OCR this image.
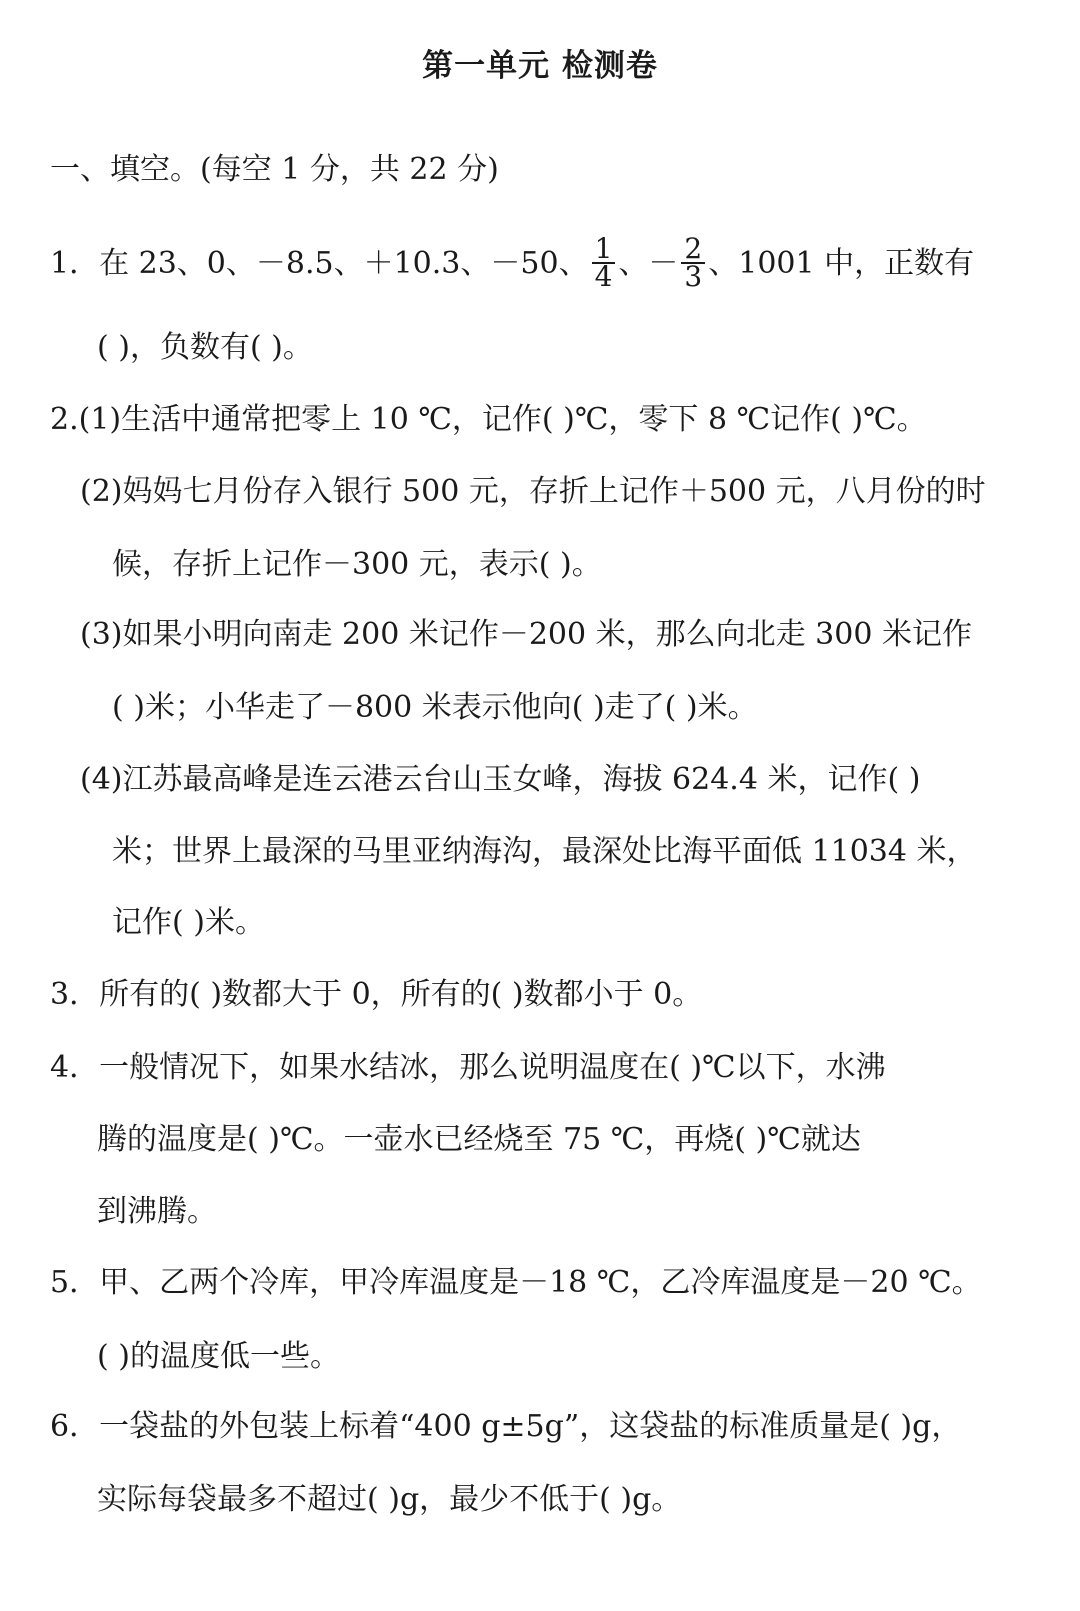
第一单元 检测卷
一、填空。(每空 1 分，共 22 分)
1．在 23、0、－8.5、＋10.3、－50、 $\frac{1}{4}$ 、－ $\frac{2}{3}$ 、1001 中，正数有
( )，负数有( )。
2.(1)生活中通常把零上 10 ℃，记作( )℃，零下 8 ℃记作( )℃。
(2)妈妈七月份存入银行 500 元，存折上记作＋500 元，八月份的时
候，存折上记作－300 元，表示( )。
(3)如果小明向南走 200 米记作－200 米，那么向北走 300 米记作
( )米；小华走了－800 米表示他向( )走了( )米。
(4)江苏最高峰是连云港云台山玉女峰，海拔 624.4 米，记作( )
米；世界上最深的马里亚纳海沟，最深处比海平面低 11034 米，
记作( )米。
3．所有的( )数都大于 0，所有的( )数都小于 0。
4．一般情况下，如果水结冰，那么说明温度在( )℃以下，水沸
腾的温度是( )℃。一壶水已经烧至 75 ℃，再烧( )℃就达
到沸腾。
5．甲、乙两个冷库，甲冷库温度是－18 ℃，乙冷库温度是－20 ℃。
( )的温度低一些。
6．一袋盐的外包装上标着“400 g±5g”，这袋盐的标准质量是( )g，
实际每袋最多不超过( )g，最少不低于( )g。
